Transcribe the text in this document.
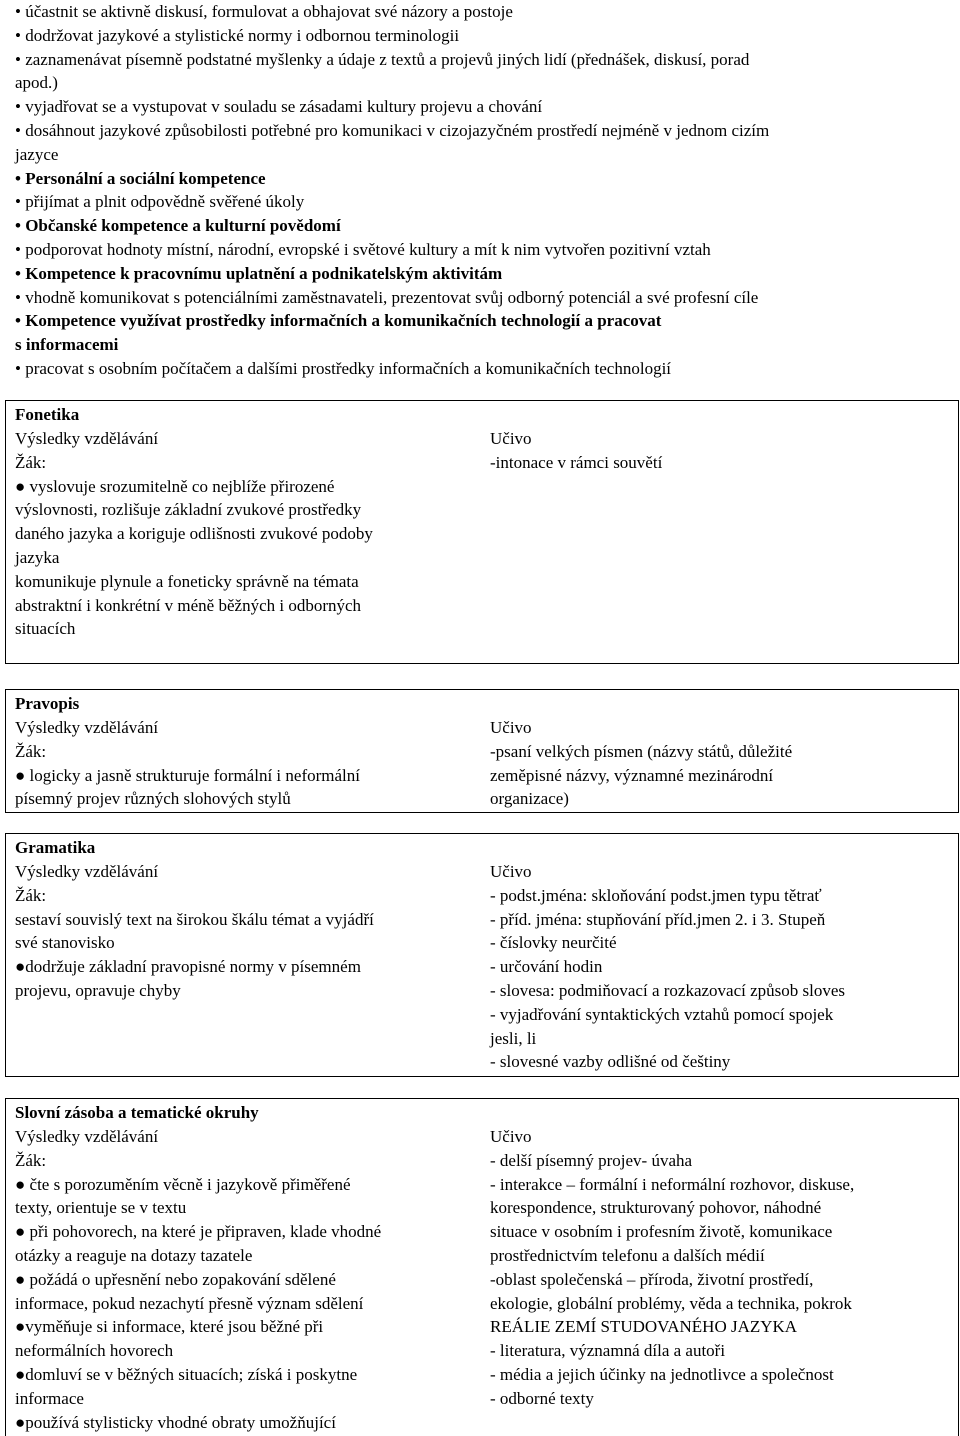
• účastnit se aktivně diskusí, formulovat a obhajovat své názory a postoje

• dodržovat jazykové a stylistické normy i odbornou terminologii

• zaznamenávat písemně podstatné myšlenky a údaje z textů a projevů jiných lidí (přednášek, diskusí, porad

apod.)

• vyjadřovat se a vystupovat v souladu se zásadami kultury projevu a chování

• dosáhnout jazykové způsobilosti potřebné pro komunikaci v cizojazyčném prostředí nejméně v jednom cizím

jazyce

• Personální a sociální kompetence

• přijímat a plnit odpovědně svěřené úkoly

• Občanské kompetence a kulturní povědomí

• podporovat hodnoty místní, národní, evropské i světové kultury a mít k nim vytvořen pozitivní vztah

• Kompetence k pracovnímu uplatnění a podnikatelským aktivitám

• vhodně komunikovat s potenciálními zaměstnavateli, prezentovat svůj odborný potenciál a své profesní cíle

• Kompetence využívat prostředky informačních a komunikačních technologií a pracovat

s informacemi

• pracovat s osobním počítačem a dalšími prostředky informačních a komunikačních technologií

Fonetika

Výsledky vzdělávání

Žák:

● vyslovuje srozumitelně co nejblíže přirozené

výslovnosti, rozlišuje základní zvukové prostředky

daného jazyka a koriguje odlišnosti zvukové podoby

jazyka

komunikuje plynule a foneticky správně na témata

abstraktní i konkrétní v méně běžných i odborných

situacích

Učivo

-intonace v rámci souvětí

Pravopis

Výsledky vzdělávání

Žák:

● logicky a jasně strukturuje formální i neformální

písemný projev různých slohových stylů

Učivo

-psaní velkých písmen (názvy států, důležité

zeměpisné názvy, významné mezinárodní

organizace)

Gramatika

Výsledky vzdělávání

Žák:

sestaví souvislý text na širokou škálu témat a vyjádří

své stanovisko

●dodržuje základní pravopisné normy v písemném

projevu, opravuje chyby

Učivo

- podst.jména: skloňování podst.jmen typu tětrať

- příd. jména: stupňování příd.jmen 2. i 3. Stupeň

- číslovky neurčité

- určování hodin

- slovesa: podmiňovací a rozkazovací způsob sloves

- vyjadřování syntaktických vztahů pomocí spojek

jesli, li

- slovesné vazby odlišné od češtiny

Slovní zásoba a tematické okruhy

Výsledky vzdělávání

Žák:

● čte s porozuměním věcně i jazykově přiměřené

texty, orientuje se v textu

● při pohovorech, na které je připraven, klade vhodné

otázky a reaguje na dotazy tazatele

● požádá o upřesnění nebo zopakování sdělené

informace, pokud nezachytí přesně význam sdělení

●vyměňuje si informace, které jsou běžné při

neformálních hovorech

●domluví se v běžných situacích; získá i poskytne

informace

●používá stylisticky vhodné obraty umožňující

Učivo

- delší písemný projev- úvaha

- interakce – formální i neformální rozhovor, diskuse,

korespondence, strukturovaný pohovor, náhodné

situace v osobním i profesním životě, komunikace

prostřednictvím telefonu a dalších médií

-oblast společenská – příroda, životní prostředí,

ekologie, globální problémy, věda a technika, pokrok

REÁLIE ZEMÍ STUDOVANÉHO JAZYKA

- literatura, významná díla a autoři

- média a jejich účinky na jednotlivce a společnost

- odborné texty
